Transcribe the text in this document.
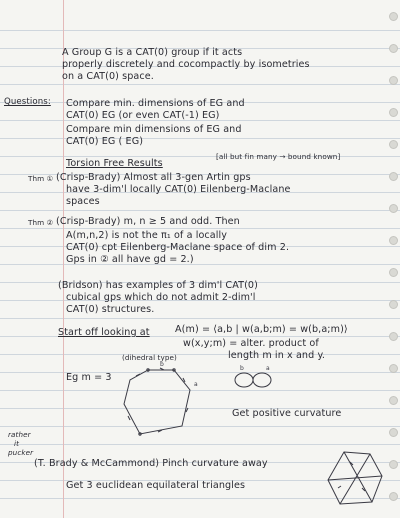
A Group G is a CAT(0) group if it acts
properly discretely and cocompactly by isometries
on a CAT(0) space.
Questions: Compare min. dimensions of EG and
CAT(0) EG (or even CAT(-1) EG)
Compare min dimensions of EG and
CAT(0) EG ( EG)
[all but fin many → bound known]
Torsion Free Results
Thm ① (Crisp-Brady) Almost all 3-gen Artin gps
have 3-dim'l locally CAT(0) Eilenberg-Maclane
spaces
Thm ② (Crisp-Brady) m, n ≥ 5 and odd. Then
A(m,n,2) is not the π₁ of a locally
CAT(0) cpt Eilenberg-Maclane space of dim 2.
Gps in ② all have gd = 2.)
(Bridson) has examples of 3 dim'l CAT(0)
cubical gps which do not admit 2-dim'l
CAT(0) structures.
Start off looking at	A(m) = ⟨a,b | w(a,b;m) = w(b,a;m)⟩
(dihedral type)
w(x,y;m) = alter. product of
length m in x and y.
Eg m = 3
b
a
b	a
Get positive curvature
rather
it
pucker
(T. Brady & McCammond) Pinch curvature away
Get 3 euclidean equilateral triangles
